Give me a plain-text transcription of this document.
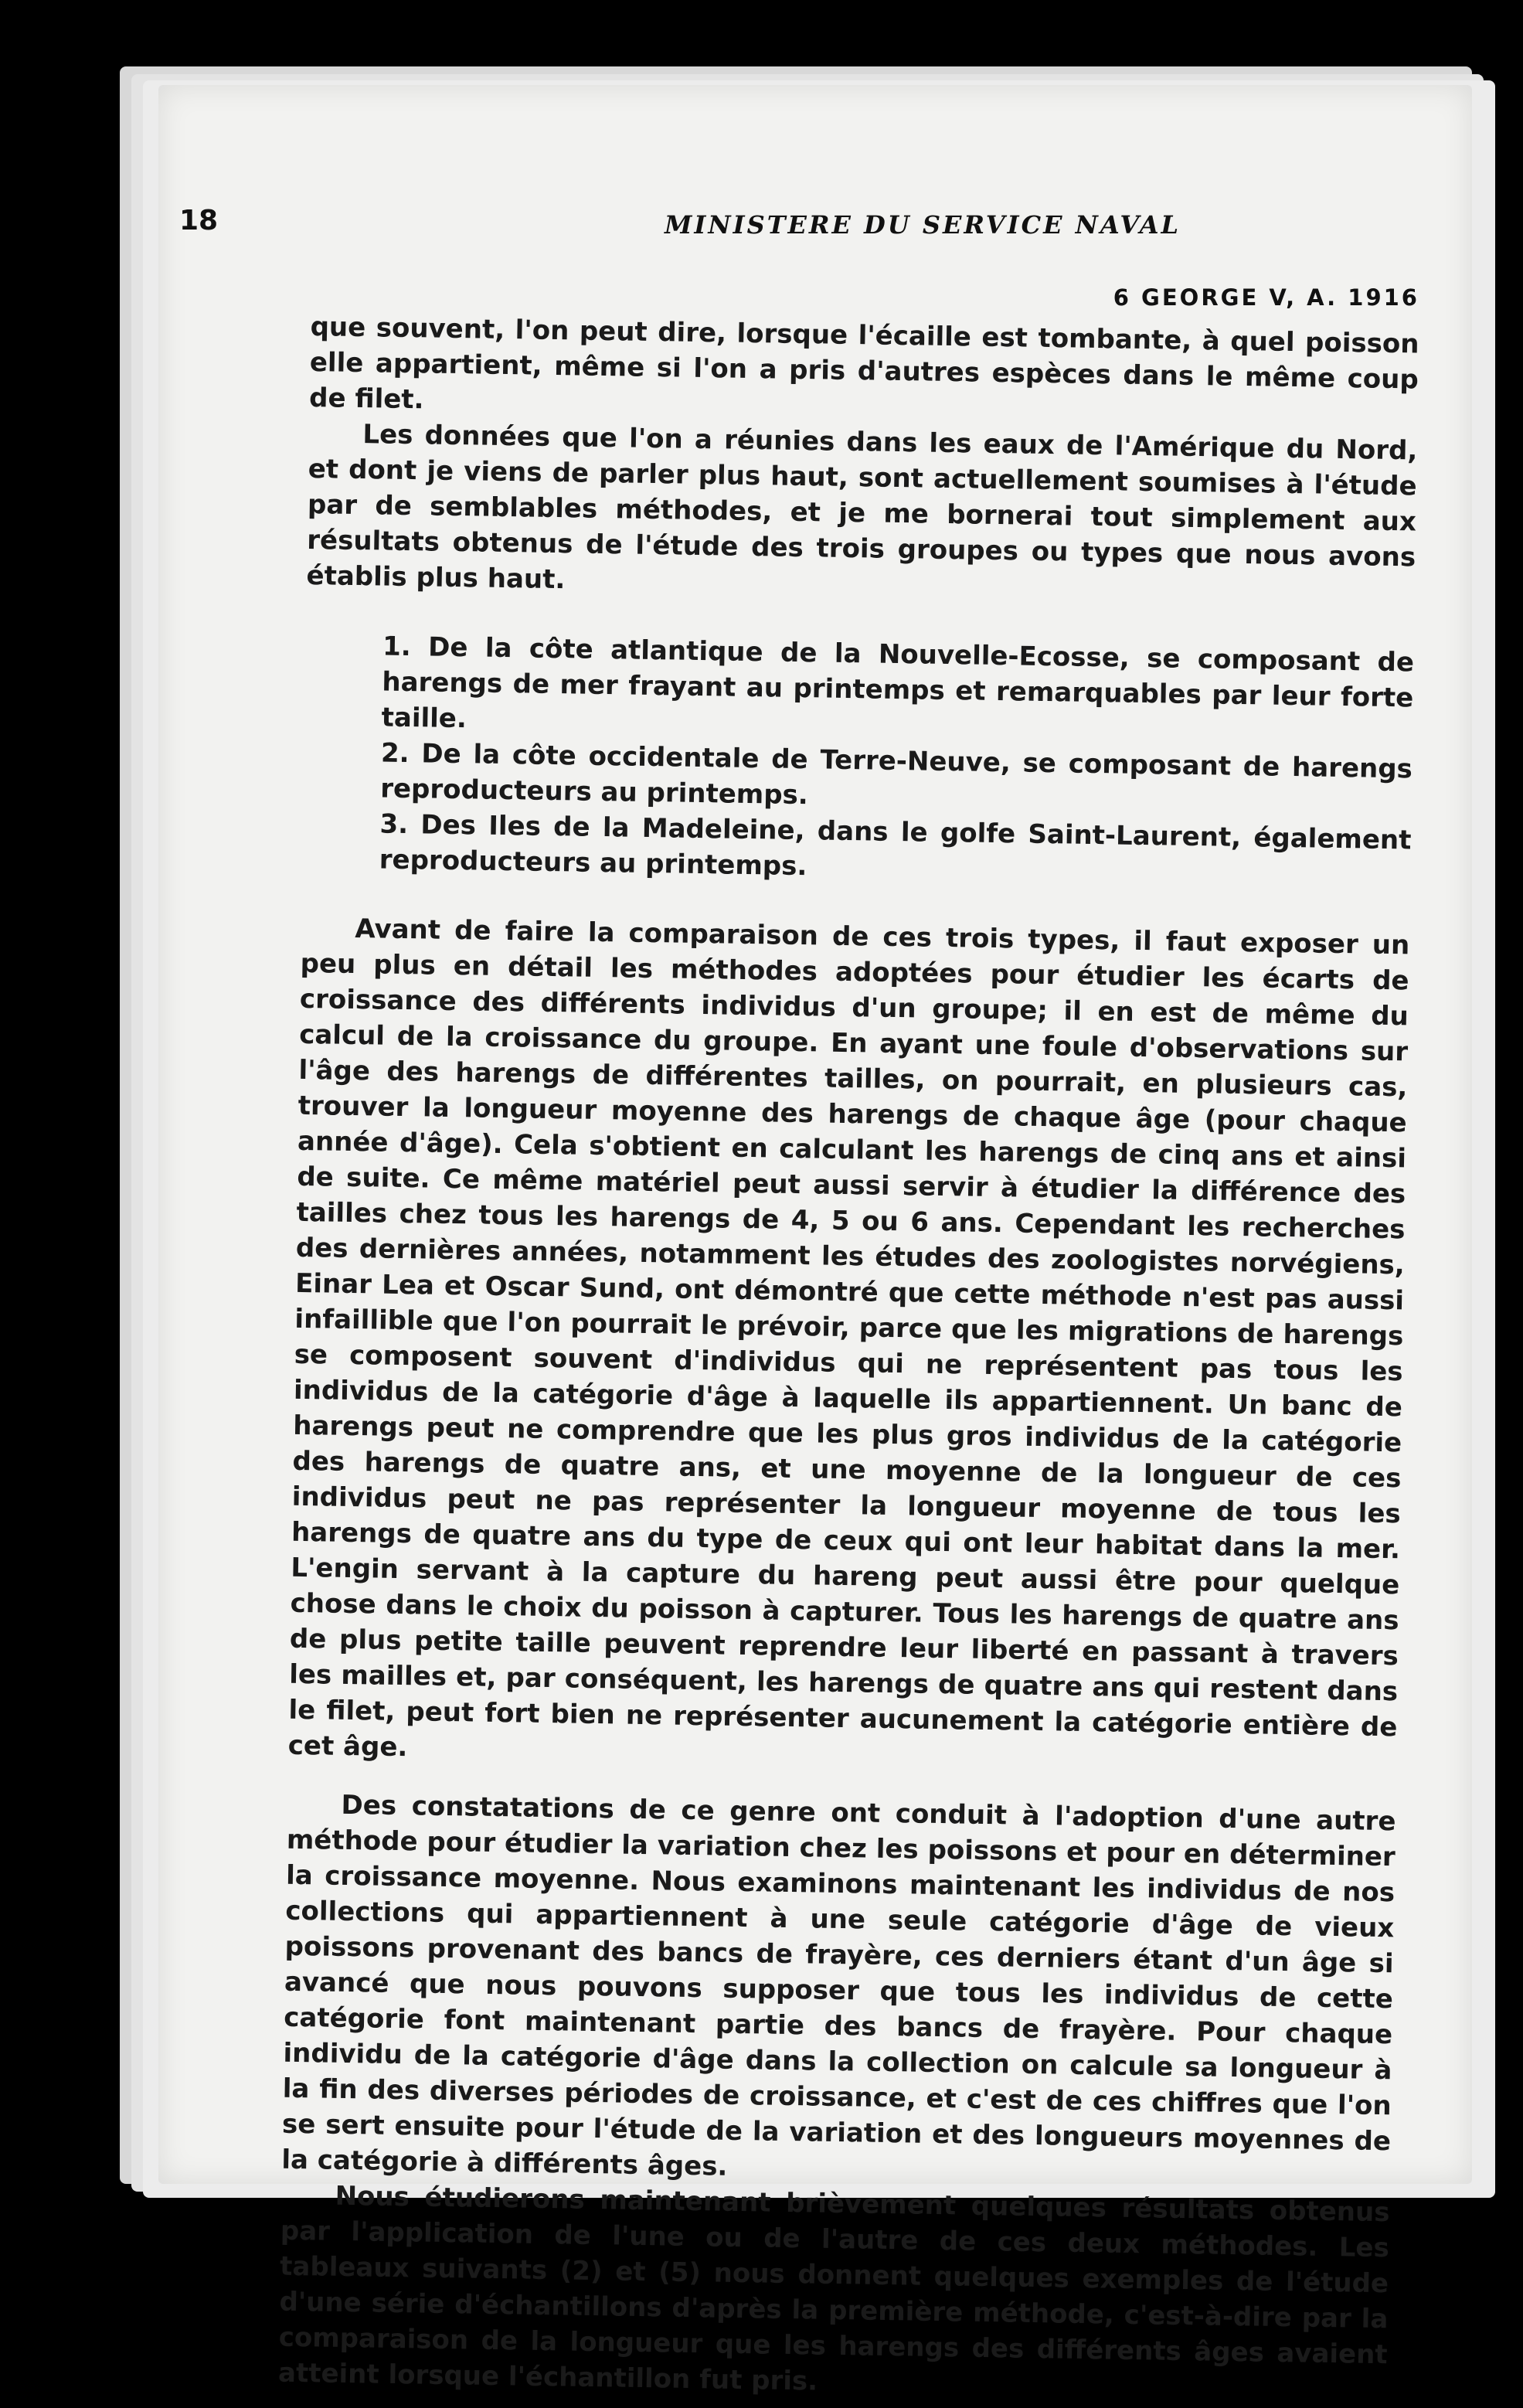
18	MINISTERE DU SERVICE NAVAL
6 GEORGE V, A. 1916

que souvent, l'on peut dire, lorsque l'écaille est tombante, à quel poisson elle appartient, même si l'on a pris d'autres espèces dans le même coup de filet.

Les données que l'on a réunies dans les eaux de l'Amérique du Nord, et dont je viens de parler plus haut, sont actuellement soumises à l'étude par de semblables méthodes, et je me bornerai tout simplement aux résultats obtenus de l'étude des trois groupes ou types que nous avons établis plus haut.

1. De la côte atlantique de la Nouvelle-Ecosse, se composant de harengs de mer frayant au printemps et remarquables par leur forte taille.

2. De la côte occidentale de Terre-Neuve, se composant de harengs reproducteurs au printemps.

3. Des Iles de la Madeleine, dans le golfe Saint-Laurent, également reproducteurs au printemps.

Avant de faire la comparaison de ces trois types, il faut exposer un peu plus en détail les méthodes adoptées pour étudier les écarts de croissance des différents individus d'un groupe; il en est de même du calcul de la croissance du groupe. En ayant une foule d'observations sur l'âge des harengs de différentes tailles, on pourrait, en plusieurs cas, trouver la longueur moyenne des harengs de chaque âge (pour chaque année d'âge). Cela s'obtient en calculant les harengs de cinq ans et ainsi de suite. Ce même matériel peut aussi servir à étudier la différence des tailles chez tous les harengs de 4, 5 ou 6 ans. Cependant les recherches des dernières années, notamment les études des zoologistes norvégiens, Einar Lea et Oscar Sund, ont démontré que cette méthode n'est pas aussi infaillible que l'on pourrait le prévoir, parce que les migrations de harengs se composent souvent d'individus qui ne représentent pas tous les individus de la catégorie d'âge à laquelle ils appartiennent. Un banc de harengs peut ne comprendre que les plus gros individus de la catégorie des harengs de quatre ans, et une moyenne de la longueur de ces individus peut ne pas représenter la longueur moyenne de tous les harengs de quatre ans du type de ceux qui ont leur habitat dans la mer. L'engin servant à la capture du hareng peut aussi être pour quelque chose dans le choix du poisson à capturer. Tous les harengs de quatre ans de plus petite taille peuvent reprendre leur liberté en passant à travers les mailles et, par conséquent, les harengs de quatre ans qui restent dans le filet, peut fort bien ne représenter aucunement la catégorie entière de cet âge.

Des constatations de ce genre ont conduit à l'adoption d'une autre méthode pour étudier la variation chez les poissons et pour en déterminer la croissance moyenne. Nous examinons maintenant les individus de nos collections qui appartiennent à une seule catégorie d'âge de vieux poissons provenant des bancs de frayère, ces derniers étant d'un âge si avancé que nous pouvons supposer que tous les individus de cette catégorie font maintenant partie des bancs de frayère. Pour chaque individu de la catégorie d'âge dans la collection on calcule sa longueur à la fin des diverses périodes de croissance, et c'est de ces chiffres que l'on se sert ensuite pour l'étude de la variation et des longueurs moyennes de la catégorie à différents âges.

Nous étudierons maintenant brièvement quelques résultats obtenus par l'application de l'une ou de l'autre de ces deux méthodes. Les tableaux suivants (2) et (5) nous donnent quelques exemples de l'étude d'une série d'échantillons d'après la première méthode, c'est-à-dire par la comparaison de la longueur que les harengs des différents âges avaient atteint lorsque l'échantillon fut pris.
